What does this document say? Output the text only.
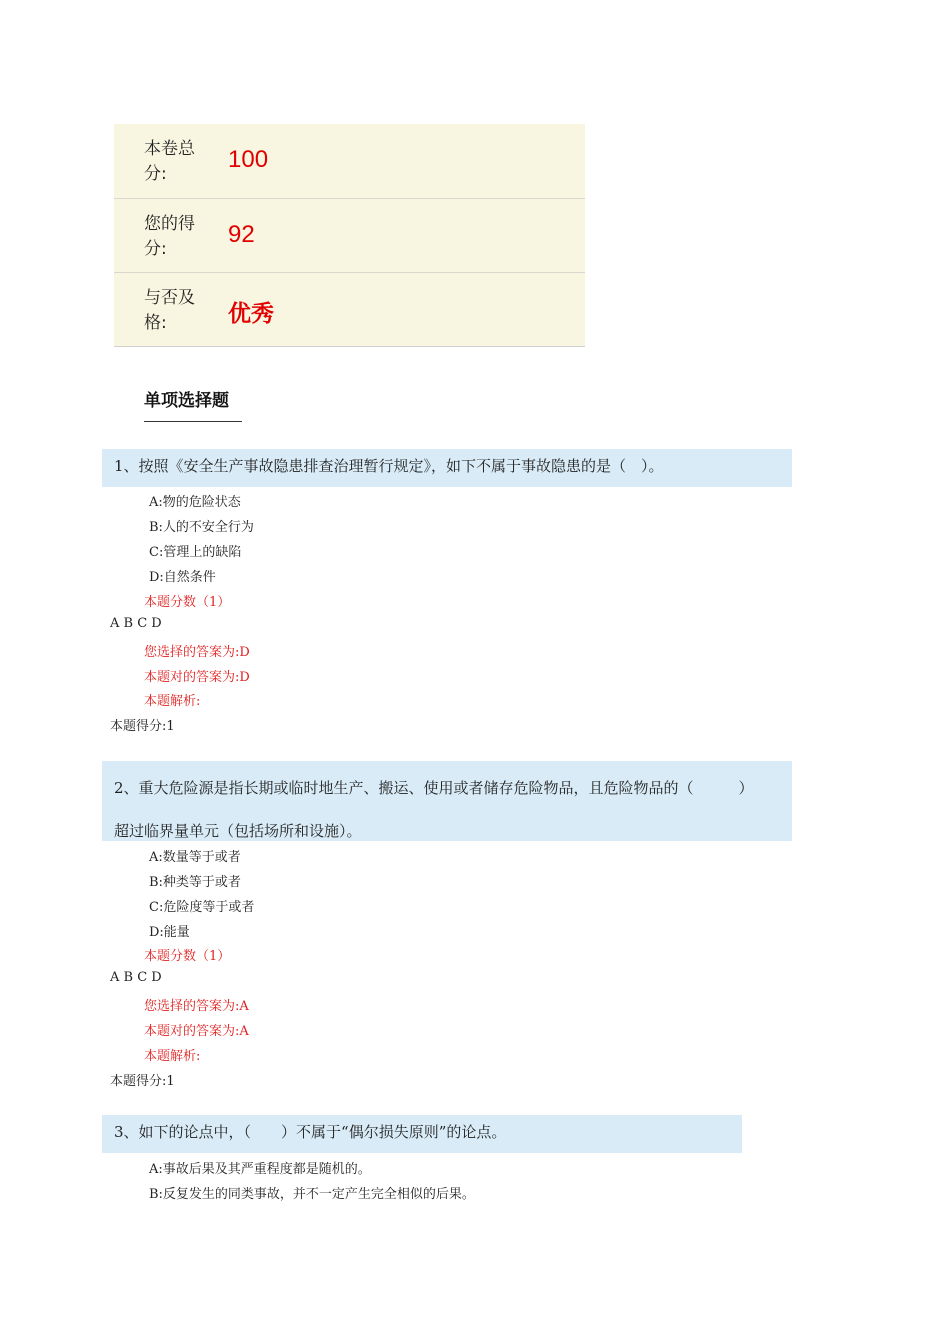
本卷总分:
100
您的得分:
92
与否及格:	优秀
单项选择题
1、按照《安全生产事故隐患排查治理暂行规定》，如下不属于事故隐患的是（　）。
A:物的危险状态
B:人的不安全行为
C:管理上的缺陷
D:自然条件
本题分数（1）
A B C D
您选择的答案为:D
本题对的答案为:D
本题解析:
本题得分:1
2、重大危险源是指长期或临时地生产、搬运、使用或者储存危险物品，且危险物品的（　　　）超过临界量单元（包括场所和设施）。
A:数量等于或者
B:种类等于或者
C:危险度等于或者
D:能量
本题分数（1）
A B C D
您选择的答案为:A
本题对的答案为:A
本题解析:
本题得分:1
3、如下的论点中，（　　）不属于“偶尔损失原则”的论点。
A:事故后果及其严重程度都是随机的。
B:反复发生的同类事故，并不一定产生完全相似的后果。
